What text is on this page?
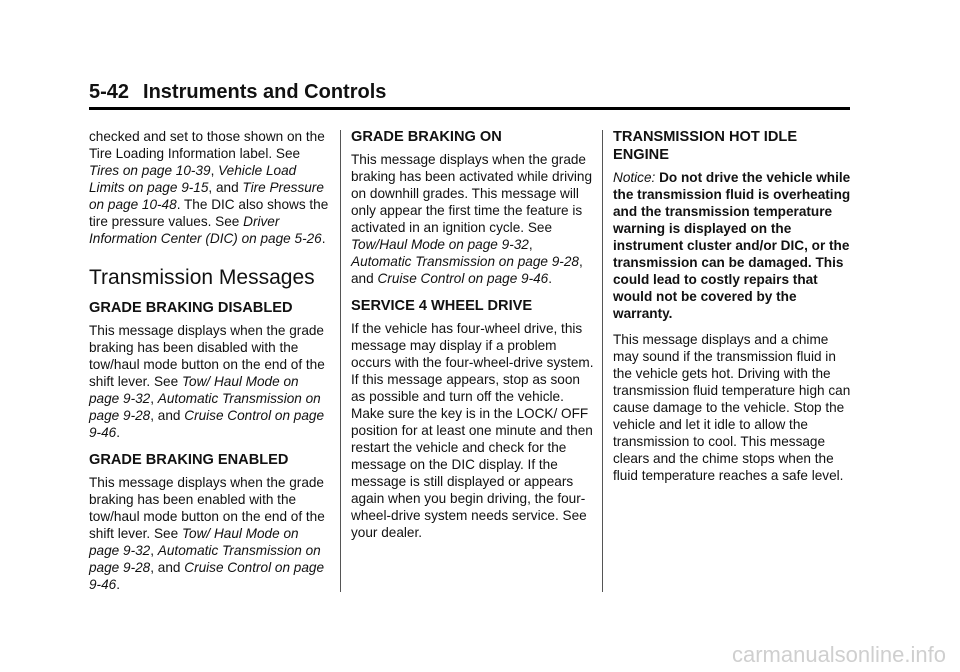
5-42 Instruments and Controls

checked and set to those shown on the Tire Loading Information label. See Tires on page 10-39, Vehicle Load Limits on page 9-15, and Tire Pressure on page 10-48. The DIC also shows the tire pressure values. See Driver Information Center (DIC) on page 5-26.

Transmission Messages
GRADE BRAKING DISABLED

This message displays when the grade braking has been disabled with the tow/haul mode button on the end of the shift lever. See Tow/ Haul Mode on page 9-32, Automatic Transmission on page 9-28, and Cruise Control on page 9-46.

GRADE BRAKING ENABLED

This message displays when the grade braking has been enabled with the tow/haul mode button on the end of the shift lever. See Tow/ Haul Mode on page 9-32, Automatic Transmission on page 9-28, and Cruise Control on page 9-46.

GRADE BRAKING ON

This message displays when the grade braking has been activated while driving on downhill grades. This message will only appear the first time the feature is activated in an ignition cycle. See Tow/Haul Mode on page 9-32, Automatic Transmission on page 9-28, and Cruise Control on page 9-46.

SERVICE 4 WHEEL DRIVE

If the vehicle has four-wheel drive, this message may display if a problem occurs with the four-wheel-drive system. If this message appears, stop as soon as possible and turn off the vehicle. Make sure the key is in the LOCK/ OFF position for at least one minute and then restart the vehicle and check for the message on the DIC display. If the message is still displayed or appears again when you begin driving, the four-wheel-drive system needs service. See your dealer.

TRANSMISSION HOT IDLE ENGINE

Notice: Do not drive the vehicle while the transmission fluid is overheating and the transmission temperature warning is displayed on the instrument cluster and/or DIC, or the transmission can be damaged. This could lead to costly repairs that would not be covered by the warranty.

This message displays and a chime may sound if the transmission fluid in the vehicle gets hot. Driving with the transmission fluid temperature high can cause damage to the vehicle. Stop the vehicle and let it idle to allow the transmission to cool. This message clears and the chime stops when the fluid temperature reaches a safe level.

carmanualsonline.info
